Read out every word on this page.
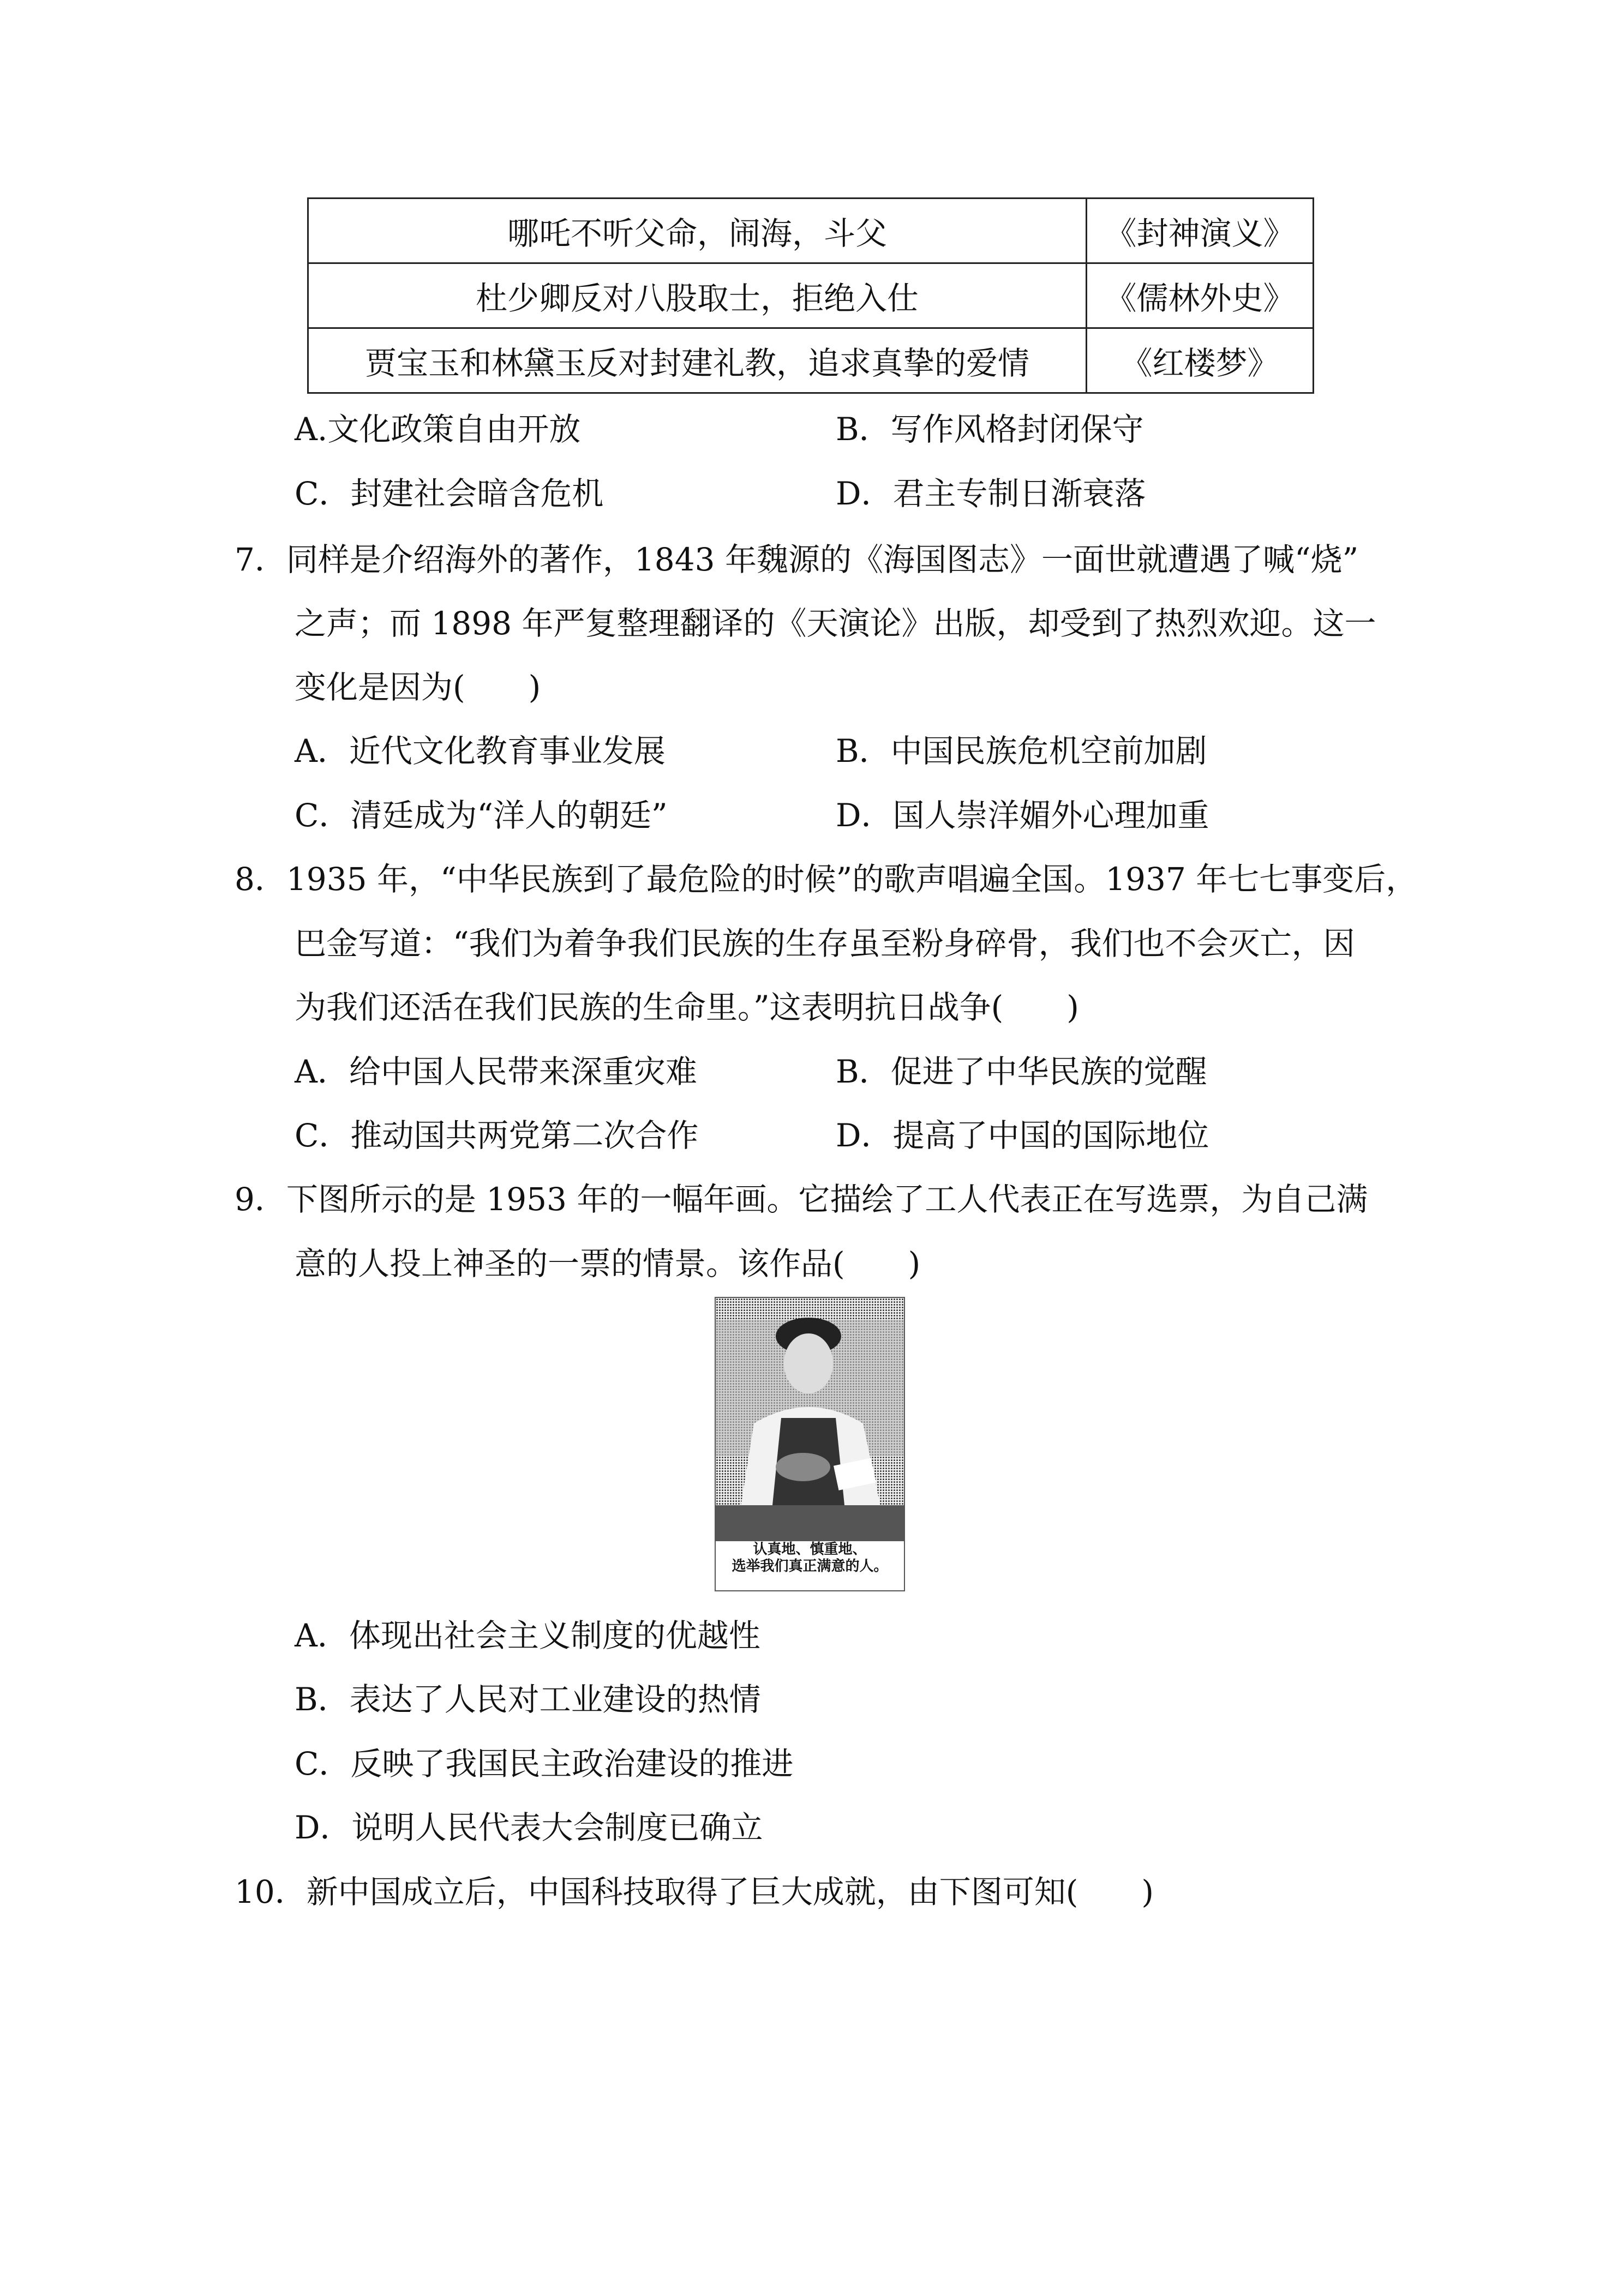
哪吒不听父命，闹海，斗父	《封神演义》
杜少卿反对八股取士，拒绝入仕	《儒林外史》
贾宝玉和林黛玉反对封建礼教，追求真挚的爱情	《红楼梦》
A.文化政策自由开放	B．写作风格封闭保守
C．封建社会暗含危机	D．君主专制日渐衰落
7．同样是介绍海外的著作，1843 年魏源的《海国图志》一面世就遭遇了喊“烧”
之声；而 1898 年严复整理翻译的《天演论》出版，却受到了热烈欢迎。这一
变化是因为(　　)
A．近代文化教育事业发展	B．中国民族危机空前加剧
C．清廷成为“洋人的朝廷”	D．国人崇洋媚外心理加重
8．1935 年，“中华民族到了最危险的时候”的歌声唱遍全国。1937 年七七事变后，
巴金写道：“我们为着争我们民族的生存虽至粉身碎骨，我们也不会灭亡，因
为我们还活在我们民族的生命里。”这表明抗日战争(　　)
A．给中国人民带来深重灾难	B．促进了中华民族的觉醒
C．推动国共两党第二次合作	D．提高了中国的国际地位
9．下图所示的是 1953 年的一幅年画。它描绘了工人代表正在写选票，为自己满
意的人投上神圣的一票的情景。该作品(　　)
认真地、慎重地、
选举我们真正满意的人。
A．体现出社会主义制度的优越性
B．表达了人民对工业建设的热情
C．反映了我国民主政治建设的推进
D．说明人民代表大会制度已确立
10．新中国成立后，中国科技取得了巨大成就，由下图可知(　　)
